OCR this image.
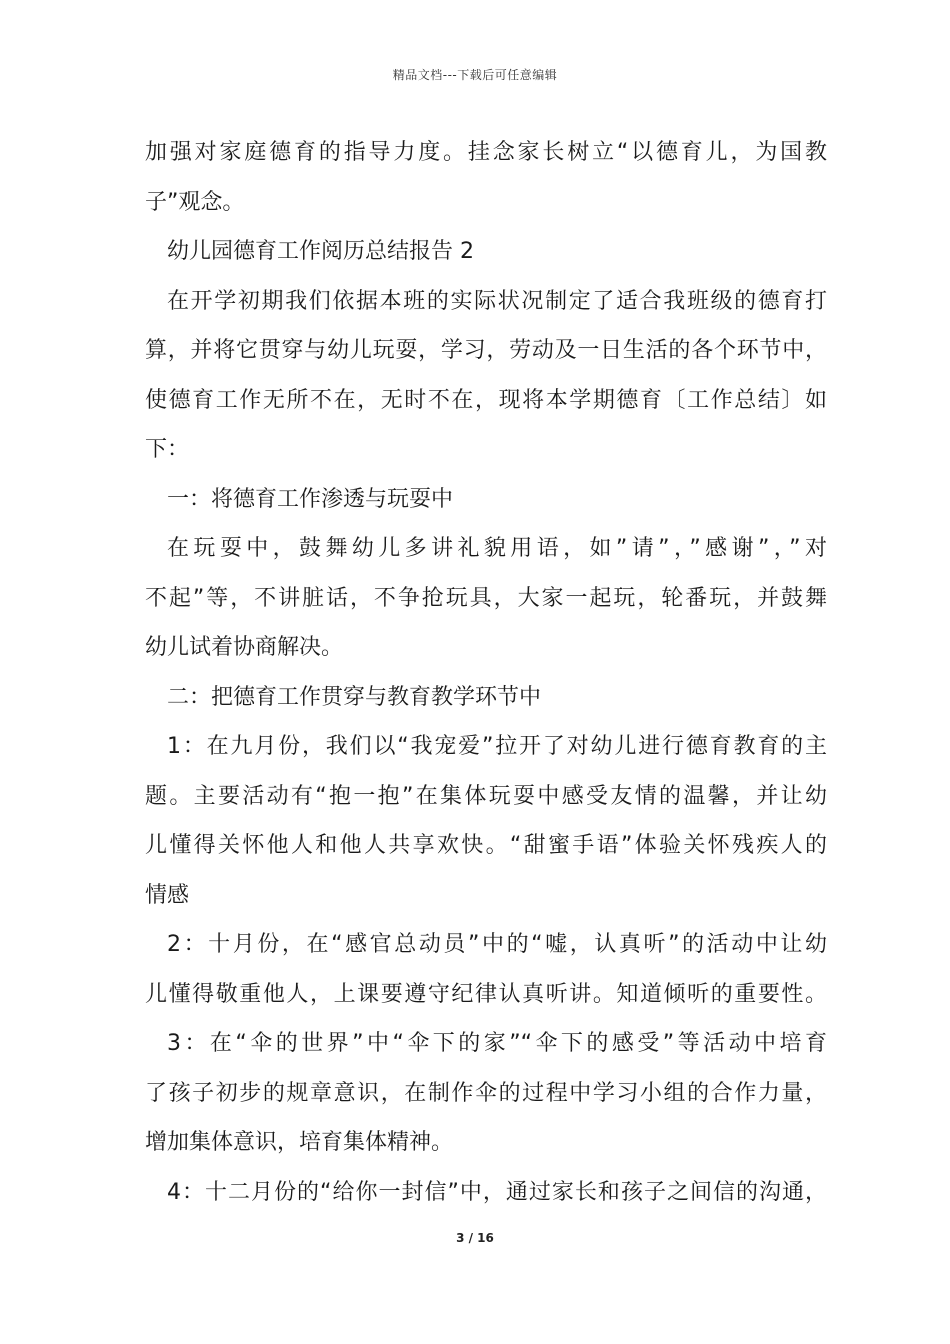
精品文档---下载后可任意编辑
加强对家庭德育的指导力度。挂念家长树立“以德育儿，为国教
子”观念。
幼儿园德育工作阅历总结报告 2
在开学初期我们依据本班的实际状况制定了适合我班级的德育打
算，并将它贯穿与幼儿玩耍，学习，劳动及一日生活的各个环节中，
使德育工作无所不在，无时不在，现将本学期德育〔工作总结〕如
下：
一：将德育工作渗透与玩耍中
在玩耍中，鼓舞幼儿多讲礼貌用语，如”请”，”感谢”，”对
不起”等，不讲脏话，不争抢玩具，大家一起玩，轮番玩，并鼓舞
幼儿试着协商解决。
二：把德育工作贯穿与教育教学环节中
1：在九月份，我们以“我宠爱”拉开了对幼儿进行德育教育的主
题。主要活动有“抱一抱”在集体玩耍中感受友情的温馨，并让幼
儿懂得关怀他人和他人共享欢快。“甜蜜手语”体验关怀残疾人的
情感
2：十月份，在“感官总动员”中的“嘘，认真听”的活动中让幼
儿懂得敬重他人，上课要遵守纪律认真听讲。知道倾听的重要性。
3：在“伞的世界”中“伞下的家”“伞下的感受”等活动中培育
了孩子初步的规章意识，在制作伞的过程中学习小组的合作力量，
增加集体意识，培育集体精神。
4：十二月份的“给你一封信”中，通过家长和孩子之间信的沟通，
3 / 16
